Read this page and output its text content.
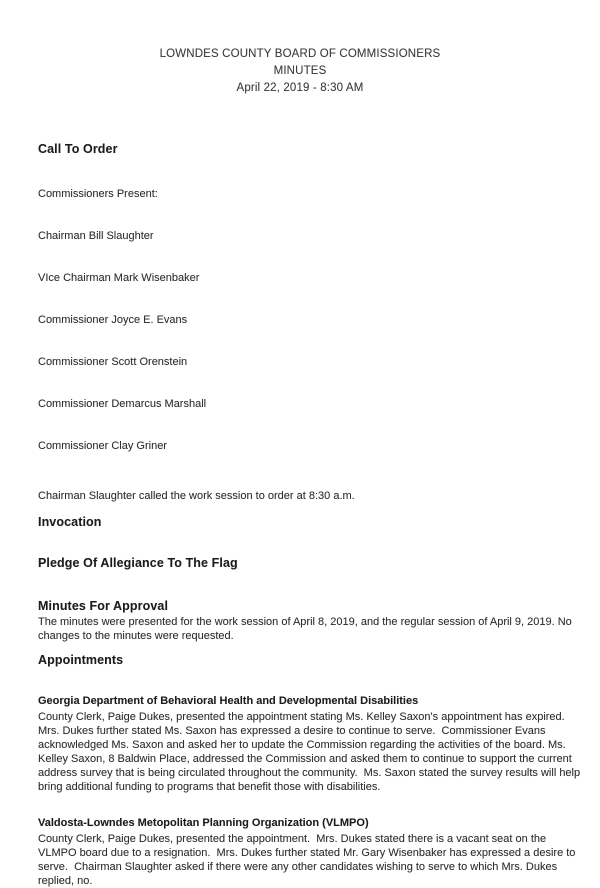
LOWNDES COUNTY BOARD OF COMMISSIONERS
MINUTES
April 22, 2019 - 8:30 AM
Call To Order

Commissioners Present:

Chairman Bill Slaughter

VIce Chairman Mark Wisenbaker

Commissioner Joyce E. Evans

Commissioner Scott Orenstein

Commissioner Demarcus Marshall

Commissioner Clay Griner

Chairman Slaughter called the work session to order at 8:30 a.m.
Invocation
Pledge Of Allegiance To The Flag
Minutes For Approval
The minutes were presented for the work session of April 8, 2019, and the regular session of April 9, 2019. No changes to the minutes were requested.
Appointments
Georgia Department of Behavioral Health and Developmental Disabilities
County Clerk, Paige Dukes, presented the appointment stating Ms. Kelley Saxon's appointment has expired. Mrs. Dukes further stated Ms. Saxon has expressed a desire to continue to serve.  Commissioner Evans acknowledged Ms. Saxon and asked her to update the Commission regarding the activities of the board. Ms. Kelley Saxon, 8 Baldwin Place, addressed the Commission and asked them to continue to support the current address survey that is being circulated throughout the community.  Ms. Saxon stated the survey results will help bring additional funding to programs that benefit those with disabilities.
Valdosta-Lowndes Metopolitan Planning Organization (VLMPO)
County Clerk, Paige Dukes, presented the appointment.  Mrs. Dukes stated there is a vacant seat on the VLMPO board due to a resignation.  Mrs. Dukes further stated Mr. Gary Wisenbaker has expressed a desire to serve.  Chairman Slaughter asked if there were any other candidates wishing to serve to which Mrs. Dukes replied, no.
